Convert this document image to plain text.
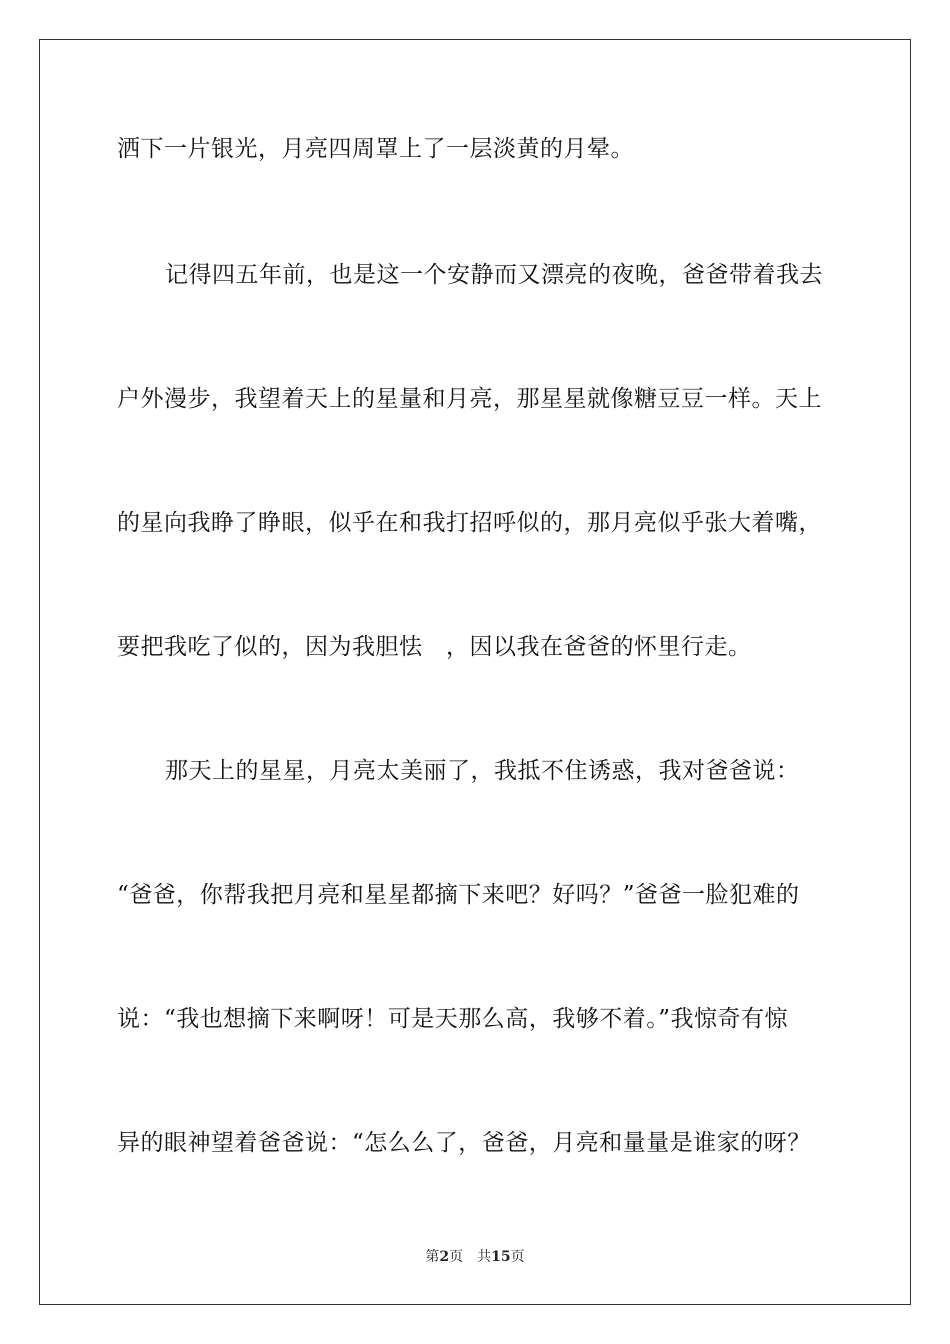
洒下一片银光，月亮四周罩上了一层淡黄的月晕。
记得四五年前，也是这一个安静而又漂亮的夜晚，爸爸带着我去
户外漫步，我望着天上的星量和月亮，那星星就像糖豆豆一样。天上
的星向我睁了睁眼，似乎在和我打招呼似的，那月亮似乎张大着嘴，
要把我吃了似的，因为我胆怯　，因以我在爸爸的怀里行走。
那天上的星星，月亮太美丽了，我抵不住诱惑，我对爸爸说：
“爸爸，你帮我把月亮和星星都摘下来吧？好吗？”爸爸一脸犯难的
说：“我也想摘下来啊呀！可是天那么高，我够不着。”我惊奇有惊
异的眼神望着爸爸说：“怎么么了，爸爸，月亮和量量是谁家的呀？
第2页 共15页
